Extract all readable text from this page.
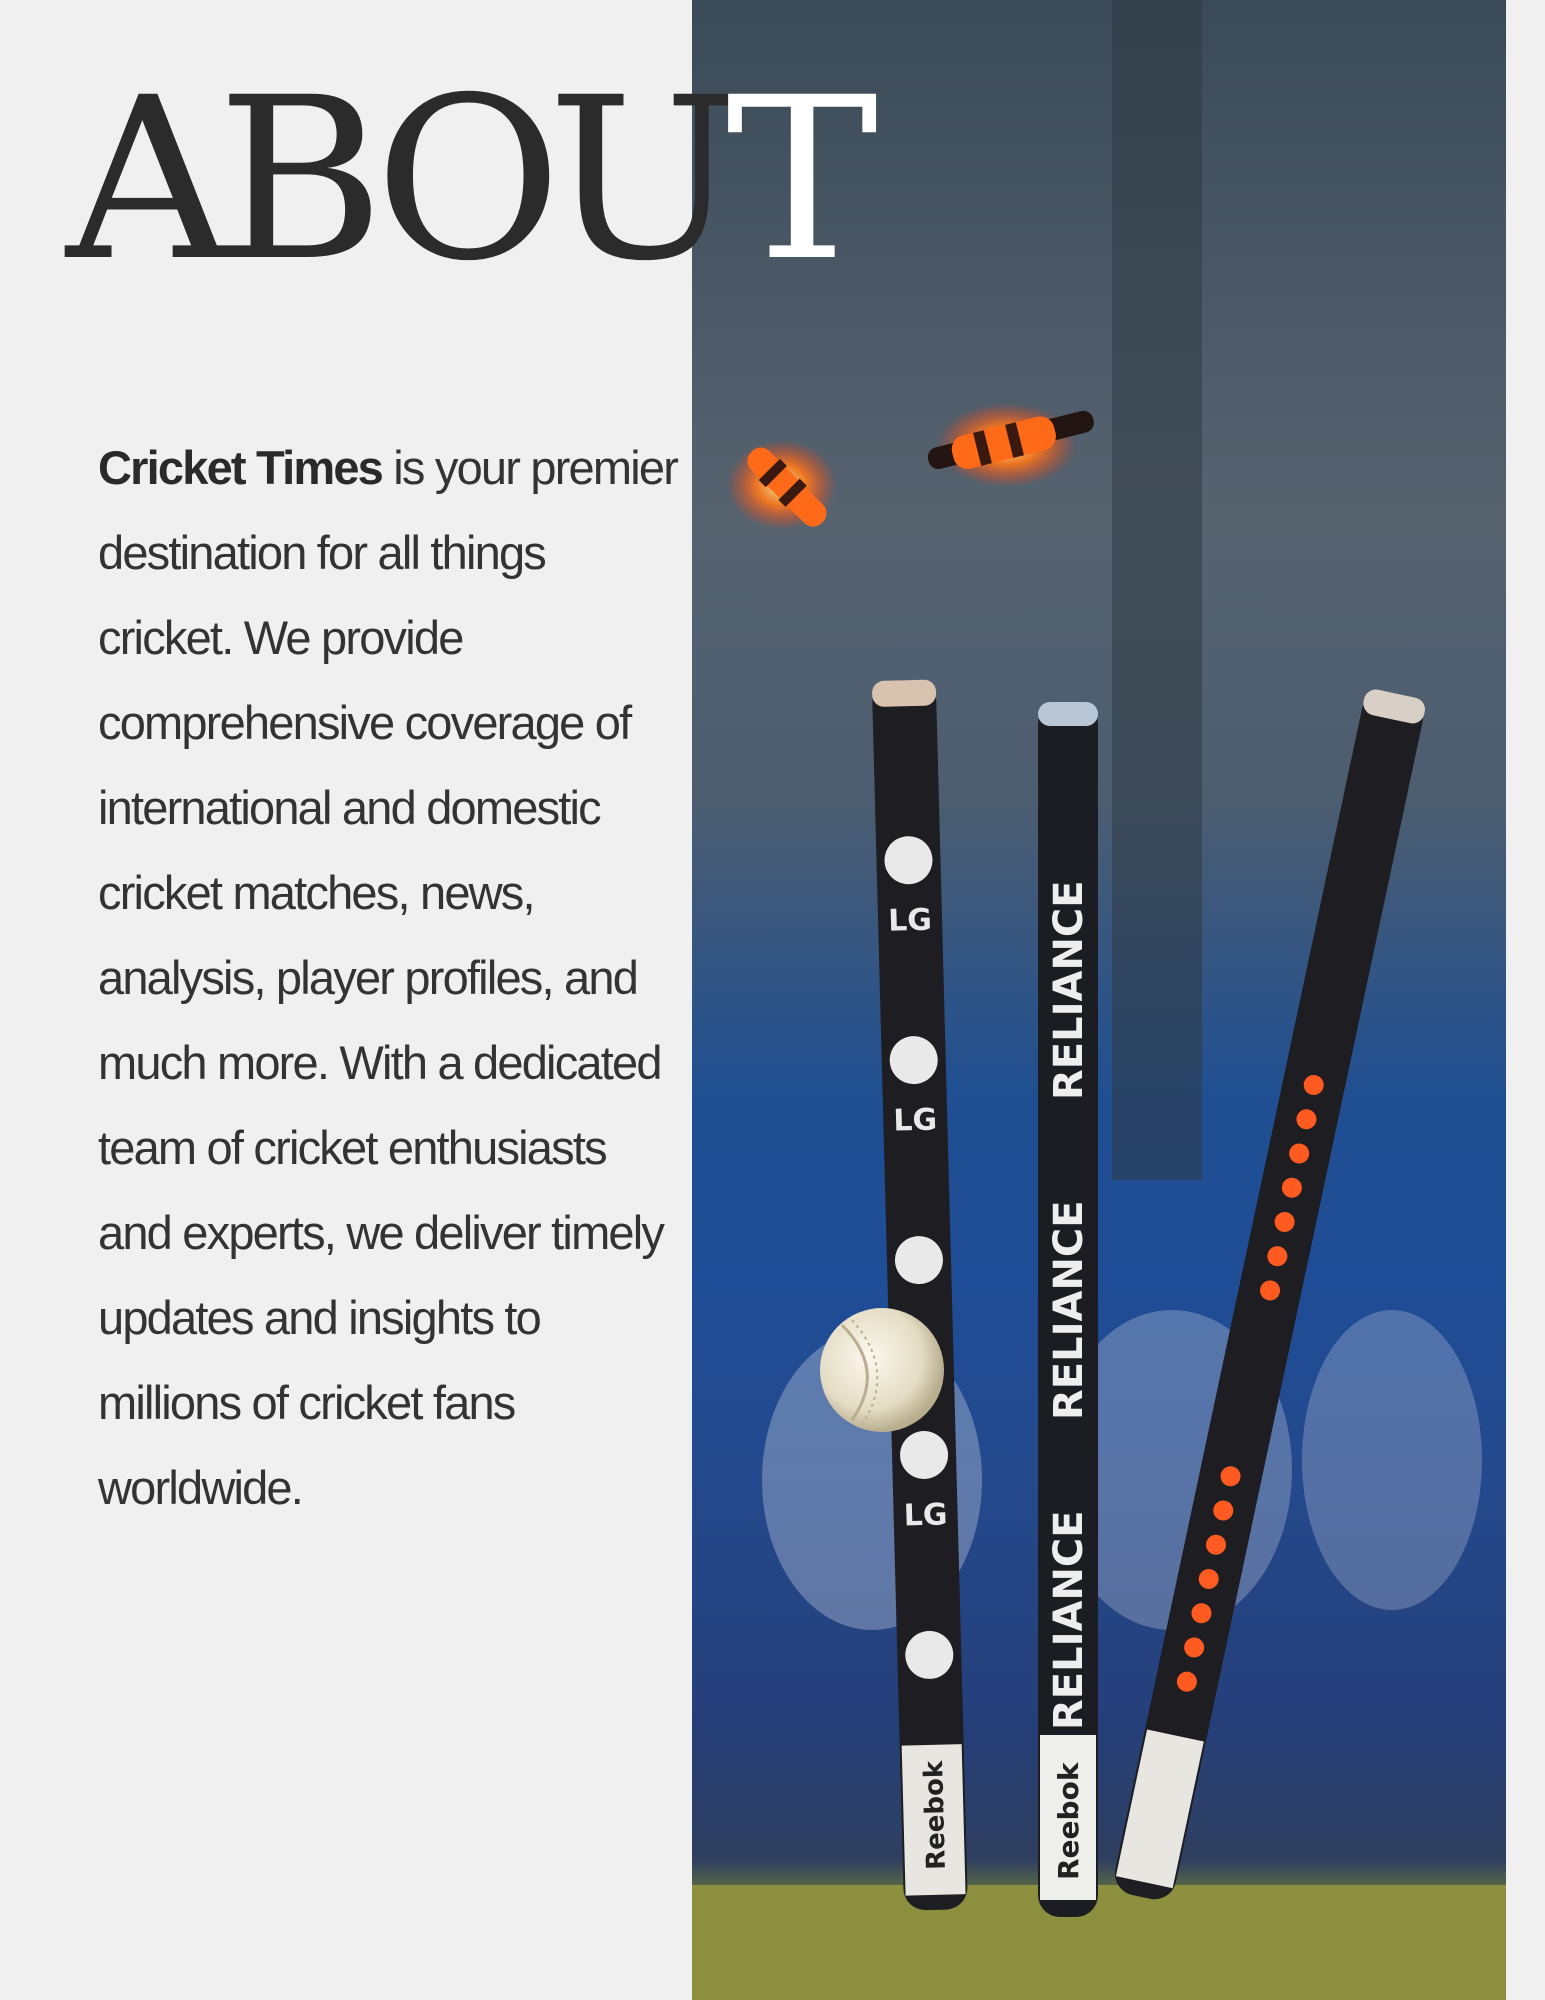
LG
LG
LG
Reebok
RELIANCE
RELIANCE
RELIANCE
Reebok
ABOUT

Cricket Times is your premier destination for all things cricket. We provide comprehensive coverage of international and domestic cricket matches, news, analysis, player profiles, and much more. With a dedicated team of cricket enthusiasts and experts, we deliver timely updates and insights to millions of cricket fans worldwide.
